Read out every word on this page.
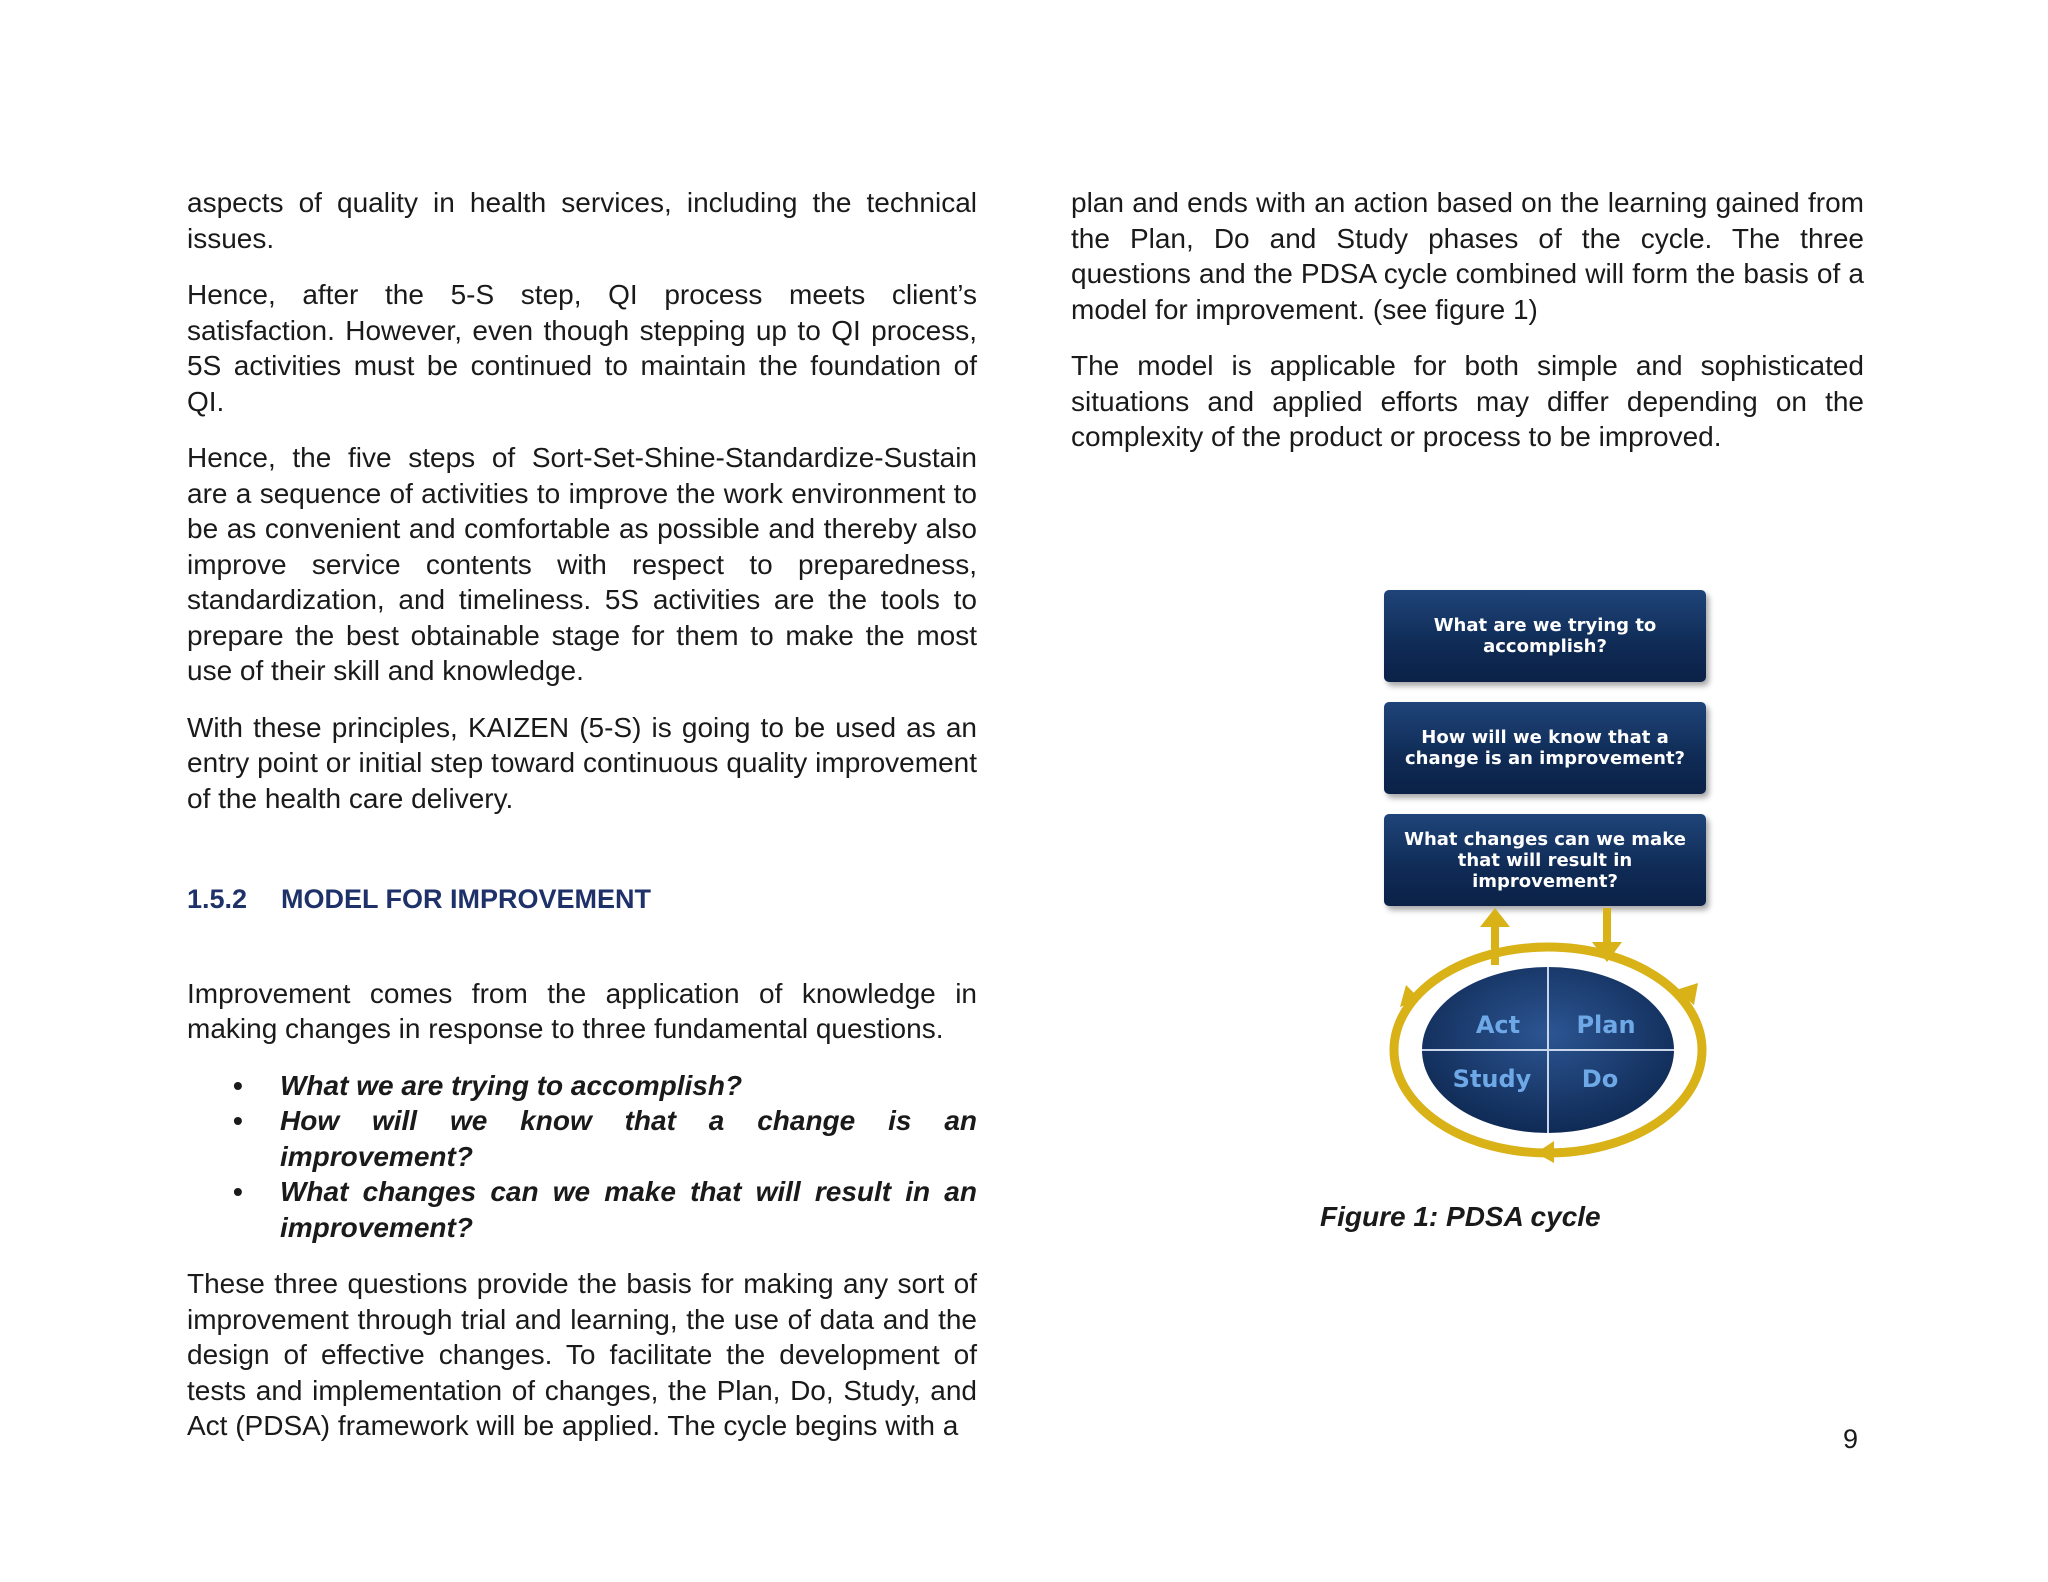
aspects of quality in health services, including the technical issues.

Hence, after the 5-S step, QI process meets client’s satisfaction. However, even though stepping up to QI process, 5S activities must be continued to maintain the foundation of QI.

Hence, the five steps of Sort-Set-Shine-Standardize-Sustain are a sequence of activities to improve the work environment to be as convenient and comfortable as possible and thereby also improve service contents with respect to preparedness, standardization, and timeliness. 5S activities are the tools to prepare the best obtainable stage for them to make the most use of their skill and knowledge.

With these principles, KAIZEN (5-S) is going to be used as an entry point or initial step toward continuous quality improvement of the health care delivery.

1.5.2 MODEL FOR IMPROVEMENT

Improvement comes from the application of knowledge in making changes in response to three fundamental questions.

• What we are trying to accomplish?
• How will we know that a change is an improvement?
• What changes can we make that will result in an improvement?

These three questions provide the basis for making any sort of improvement through trial and learning, the use of data and the design of effective changes. To facilitate the development of tests and implementation of changes, the Plan, Do, Study, and Act (PDSA) framework will be applied. The cycle begins with a

plan and ends with an action based on the learning gained from the Plan, Do and Study phases of the cycle. The three questions and the PDSA cycle combined will form the basis of a model for improvement. (see figure 1)

The model is applicable for both simple and sophisticated situations and applied efforts may differ depending on the complexity of the product or process to be improved.

What are we trying to accomplish?
How will we know that a change is an improvement?
What changes can we make that will result in improvement?
Act Plan
Study Do
Figure 1: PDSA cycle
9
